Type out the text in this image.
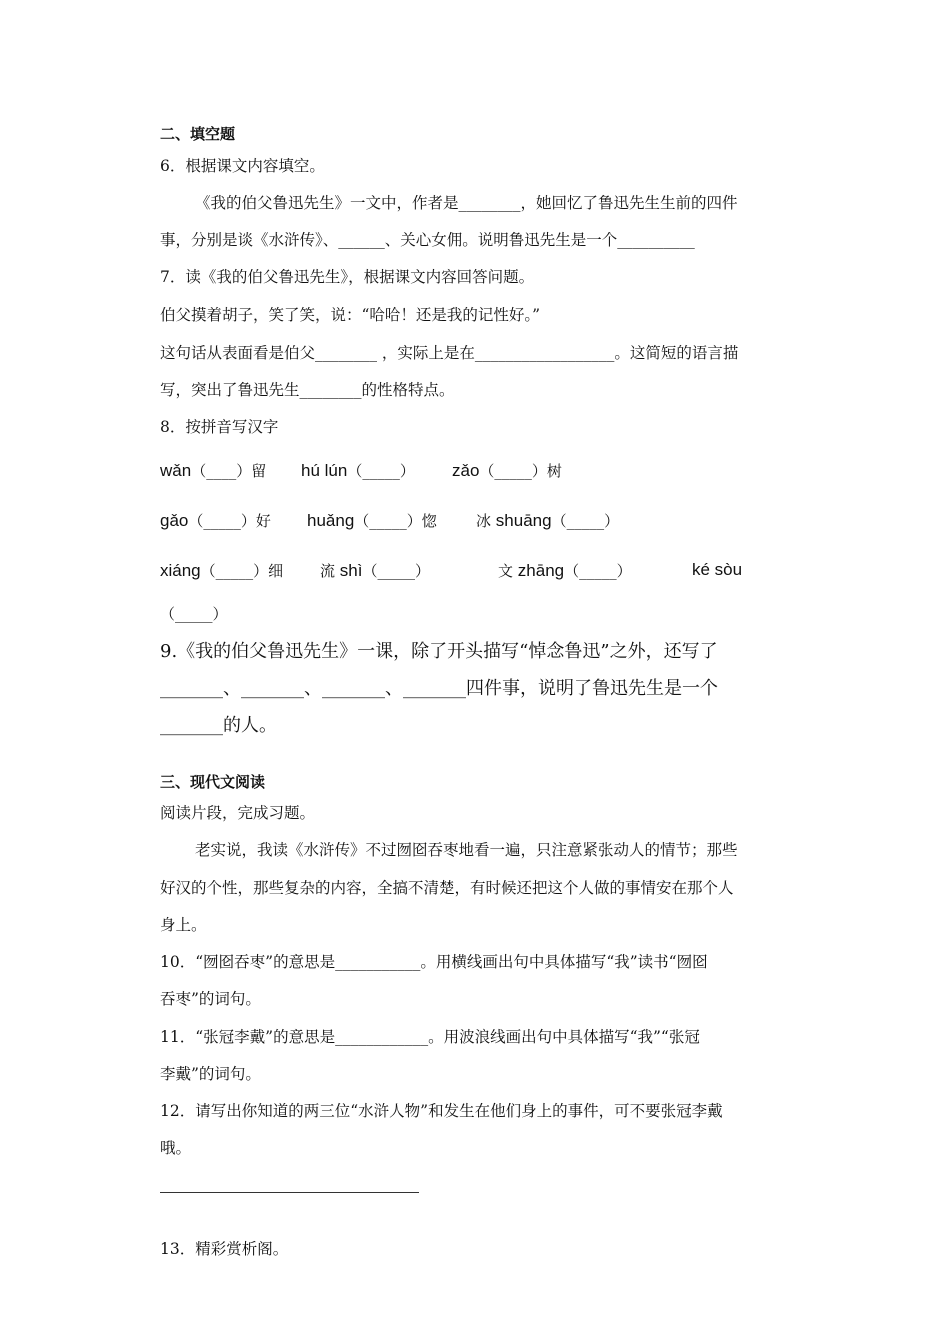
二、填空题
6．根据课文内容填空。
《我的伯父鲁迅先生》一文中，作者是________，她回忆了鲁迅先生生前的四件
事，分别是谈《水浒传》、______、关心女佣。说明鲁迅先生是一个__________
7．读《我的伯父鲁迅先生》，根据课文内容回答问题。
伯父摸着胡子，笑了笑，说：“哈哈！还是我的记性好。”
这句话从表面看是伯父________ ，实际上是在__________________。这简短的语言描
写，突出了鲁迅先生________的性格特点。
8．按拼音写汉字
wǎn（____）留 hú lún（_____） zǎo（_____）树
gǎo（_____）好 huǎng（_____）惚	冰 shuāng（_____）
xiáng（_____）细 流 shì（_____）	文 zhāng（_____）	ké sòu
（_____）
9.《我的伯父鲁迅先生》一课，除了开头描写“悼念鲁迅”之外，还写了
_______、_______、_______、_______四件事，说明了鲁迅先生是一个
_______的人。
三、现代文阅读
阅读片段，完成习题。
老实说，我读《水浒传》不过囫囵吞枣地看一遍，只注意紧张动人的情节；那些
好汉的个性，那些复杂的内容，全搞不清楚，有时候还把这个人做的事情安在那个人
身上。
10．“囫囵吞枣”的意思是___________。用横线画出句中具体描写“我”读书“囫囵
吞枣”的词句。
11．“张冠李戴”的意思是____________。用波浪线画出句中具体描写“我”“张冠
李戴”的词句。
12．请写出你知道的两三位“水浒人物”和发生在他们身上的事件，可不要张冠李戴
哦。
13．精彩赏析阁。
